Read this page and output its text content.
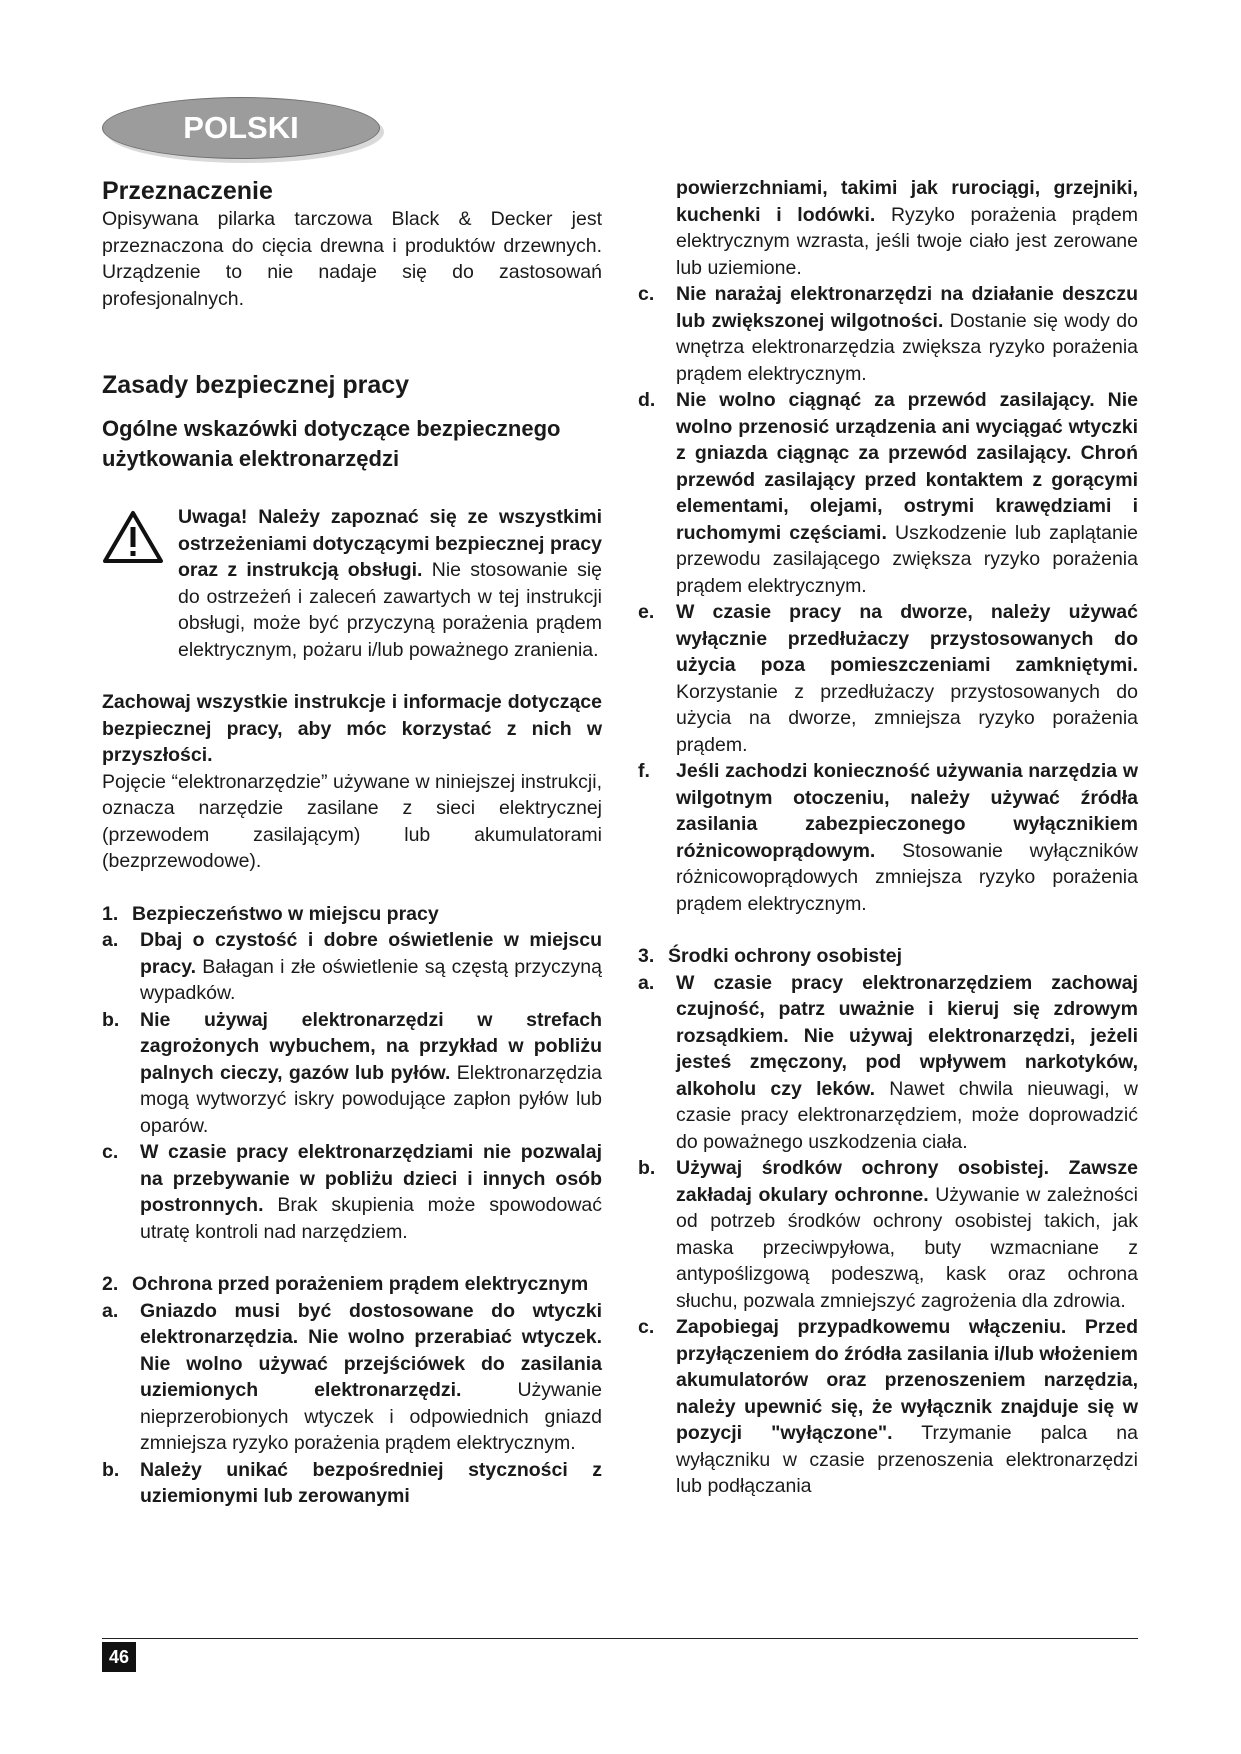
POLSKI
Przeznaczenie

Opisywana pilarka tarczowa Black & Decker jest przeznaczona do cięcia drewna i produktów drzewnych. Urządzenie to nie nadaje się do zastosowań profesjonalnych.

Zasady bezpiecznej pracy
Ogólne wskazówki dotyczące bezpiecznego użytkowania elektronarzędzi

Uwaga! Należy zapoznać się ze wszystkimi ostrzeżeniami dotyczącymi bezpiecznej pracy oraz z instrukcją obsługi. Nie stosowanie się do ostrzeżeń i zaleceń zawartych w tej instrukcji obsługi, może być przyczyną porażenia prądem elektrycznym, pożaru i/lub poważnego zranienia.

Zachowaj wszystkie instrukcje i informacje dotyczące bezpiecznej pracy, aby móc korzystać z nich w przyszłości.

Pojęcie “elektronarzędzie” używane w niniejszej instrukcji, oznacza narzędzie zasilane z sieci elektrycznej (przewodem zasilającym) lub akumulatorami (bezprzewodowe).

1. Bezpieczeństwo w miejscu pracy
a.	Dbaj o czystość i dobre oświetlenie w miejscu pracy. Bałagan i złe oświetlenie są częstą przyczyną wypadków.

b.	Nie używaj elektronarzędzi w strefach zagrożonych wybuchem, na przykład w pobliżu palnych cieczy, gazów lub pyłów. Elektronarzędzia mogą wytworzyć iskry powodujące zapłon pyłów lub oparów.

c.	W czasie pracy elektronarzędziami nie pozwalaj na przebywanie w pobliżu dzieci i innych osób postronnych. Brak skupienia może spowodować utratę kontroli nad narzędziem.

2. Ochrona przed porażeniem prądem elektrycznym
a.	Gniazdo musi być dostosowane do wtyczki elektronarzędzia. Nie wolno przerabiać wtyczek. Nie wolno używać przejściówek do zasilania uziemionych elektronarzędzi. Używanie nieprzerobionych wtyczek i odpowiednich gniazd zmniejsza ryzyko porażenia prądem elektrycznym.

b.	Należy unikać bezpośredniej styczności z uziemionymi lub zerowanymi

powierzchniami, takimi jak rurociągi, grzejniki, kuchenki i lodówki. Ryzyko porażenia prądem elektrycznym wzrasta, jeśli twoje ciało jest zerowane lub uziemione.

c.	Nie narażaj elektronarzędzi na działanie deszczu lub zwiększonej wilgotności. Dostanie się wody do wnętrza elektronarzędzia zwiększa ryzyko porażenia prądem elektrycznym.

d.	Nie wolno ciągnąć za przewód zasilający. Nie wolno przenosić urządzenia ani wyciągać wtyczki z gniazda ciągnąc za przewód zasilający. Chroń przewód zasilający przed kontaktem z gorącymi elementami, olejami, ostrymi krawędziami i ruchomymi częściami. Uszkodzenie lub zaplątanie przewodu zasilającego zwiększa ryzyko porażenia prądem elektrycznym.

e.	W czasie pracy na dworze, należy używać wyłącznie przedłużaczy przystosowanych do użycia poza pomieszczeniami zamkniętymi. Korzystanie z przedłużaczy przystosowanych do użycia na dworze, zmniejsza ryzyko porażenia prądem.

f.	Jeśli zachodzi konieczność używania narzędzia w wilgotnym otoczeniu, należy używać źródła zasilania zabezpieczonego wyłącznikiem różnicowoprądowym. Stosowanie wyłączników różnicowoprądowych zmniejsza ryzyko porażenia prądem elektrycznym.

3. Środki ochrony osobistej
a.	W czasie pracy elektronarzędziem zachowaj czujność, patrz uważnie i kieruj się zdrowym rozsądkiem. Nie używaj elektronarzędzi, jeżeli jesteś zmęczony, pod wpływem narkotyków, alkoholu czy leków. Nawet chwila nieuwagi, w czasie pracy elektronarzędziem, może doprowadzić do poważnego uszkodzenia ciała.

b.	Używaj środków ochrony osobistej. Zawsze zakładaj okulary ochronne. Używanie w zależności od potrzeb środków ochrony osobistej takich, jak maska przeciwpyłowa, buty wzmacniane z antypoślizgową podeszwą, kask oraz ochrona słuchu, pozwala zmniejszyć zagrożenia dla zdrowia.

c.	Zapobiegaj przypadkowemu włączeniu. Przed przyłączeniem do źródła zasilania i/lub włożeniem akumulatorów oraz przenoszeniem narzędzia, należy upewnić się, że wyłącznik znajduje się w pozycji "wyłączone". Trzymanie palca na wyłączniku w czasie przenoszenia elektronarzędzi lub podłączania

46
